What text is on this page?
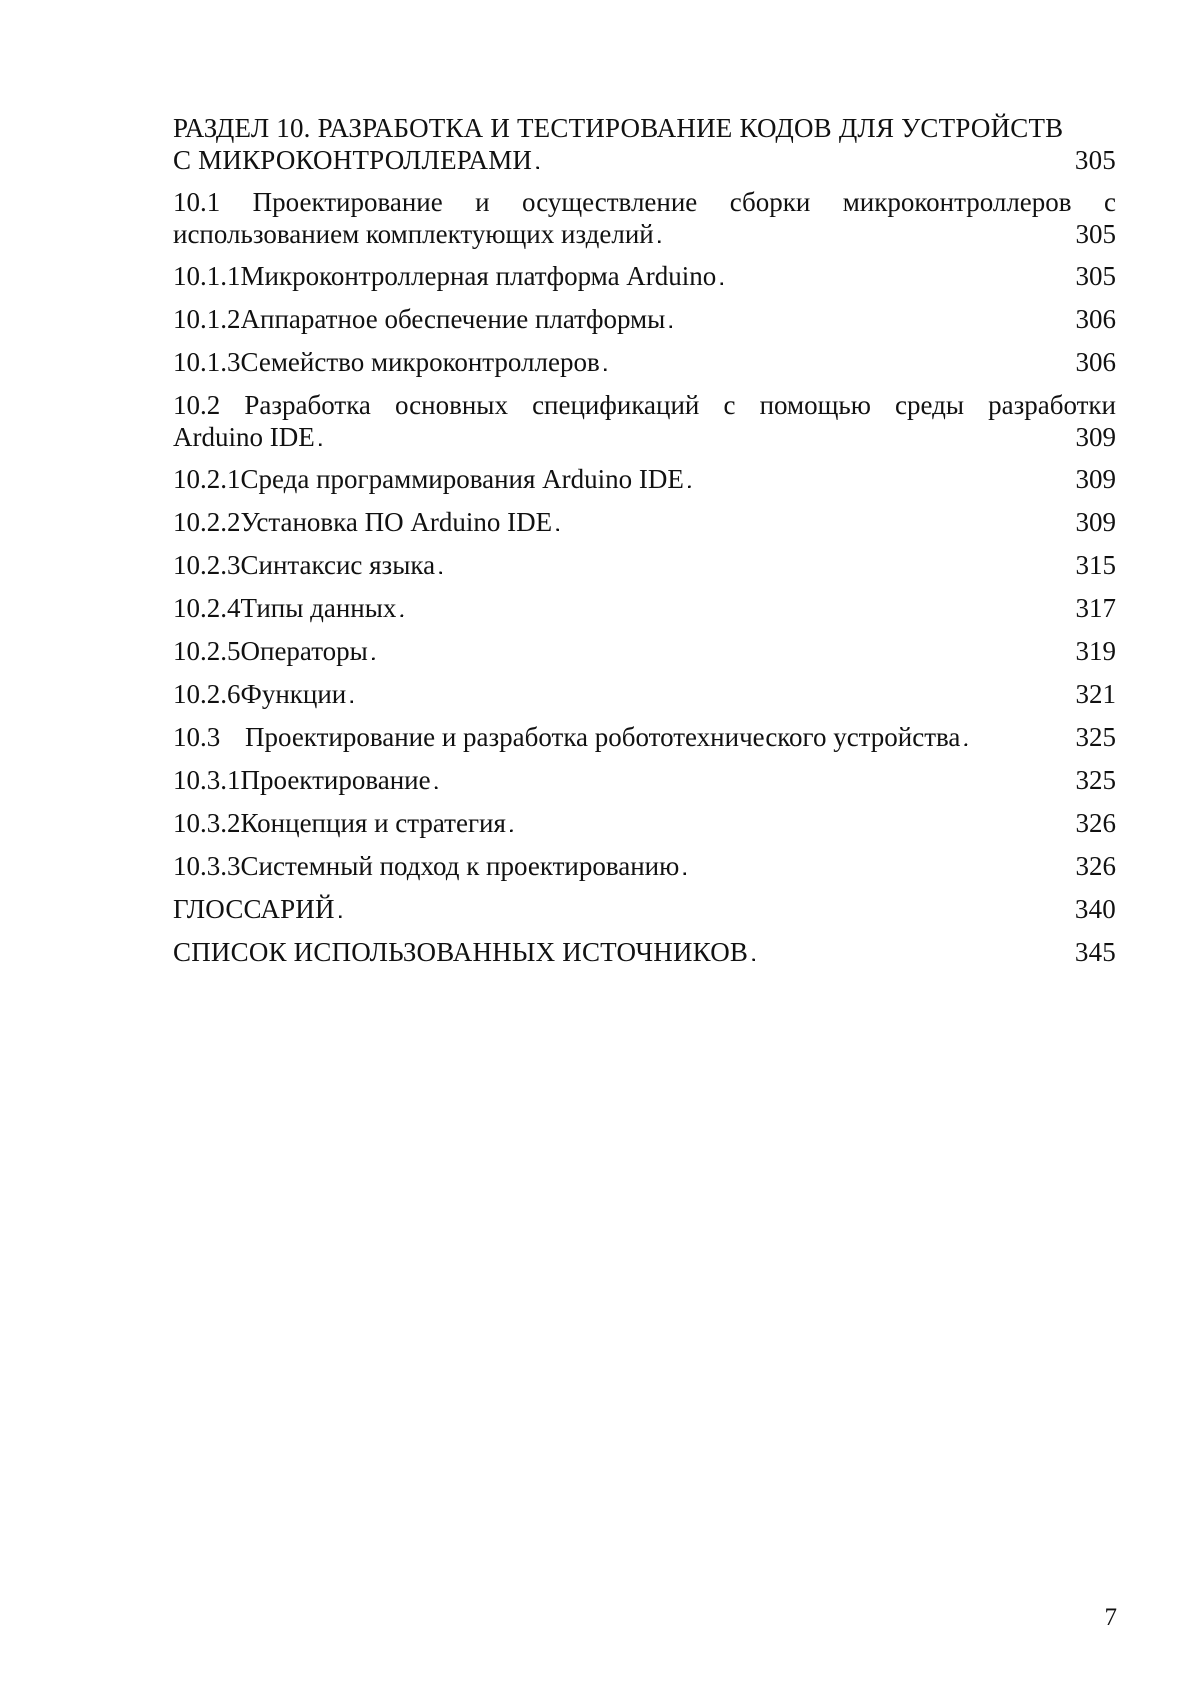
РАЗДЕЛ 10. РАЗРАБОТКА И ТЕСТИРОВАНИЕ КОДОВ ДЛЯ УСТРОЙСТВ
С МИКРОКОНТРОЛЛЕРАМИ . . .	305
10.1 Проектирование и осуществление сборки микроконтроллеров с
использованием комплектующих изделий . . .	305
10.1.1 Микроконтроллерная платформа Arduino . . .	305
10.1.2 Аппаратное обеспечение платформы . . .	306
10.1.3 Семейство микроконтроллеров . . .	306
10.2 Разработка основных спецификаций с помощью среды разработки
Arduino IDE . . .	309
10.2.1 Среда программирования Arduino IDE . . .	309
10.2.2 Установка ПО Arduino IDE . . .	309
10.2.3 Синтаксис языка . . .	315
10.2.4 Типы данных . . .	317
10.2.5 Операторы . . .	319
10.2.6 Функции . . .	321
10.3 Проектирование и разработка робототехнического устройства . . .	325
10.3.1 Проектирование . . .	325
10.3.2 Концепция и стратегия . . .	326
10.3.3 Системный подход к проектированию . . .	326
ГЛОССАРИЙ . . .	340
СПИСОК ИСПОЛЬЗОВАННЫХ ИСТОЧНИКОВ . . .	345
7
